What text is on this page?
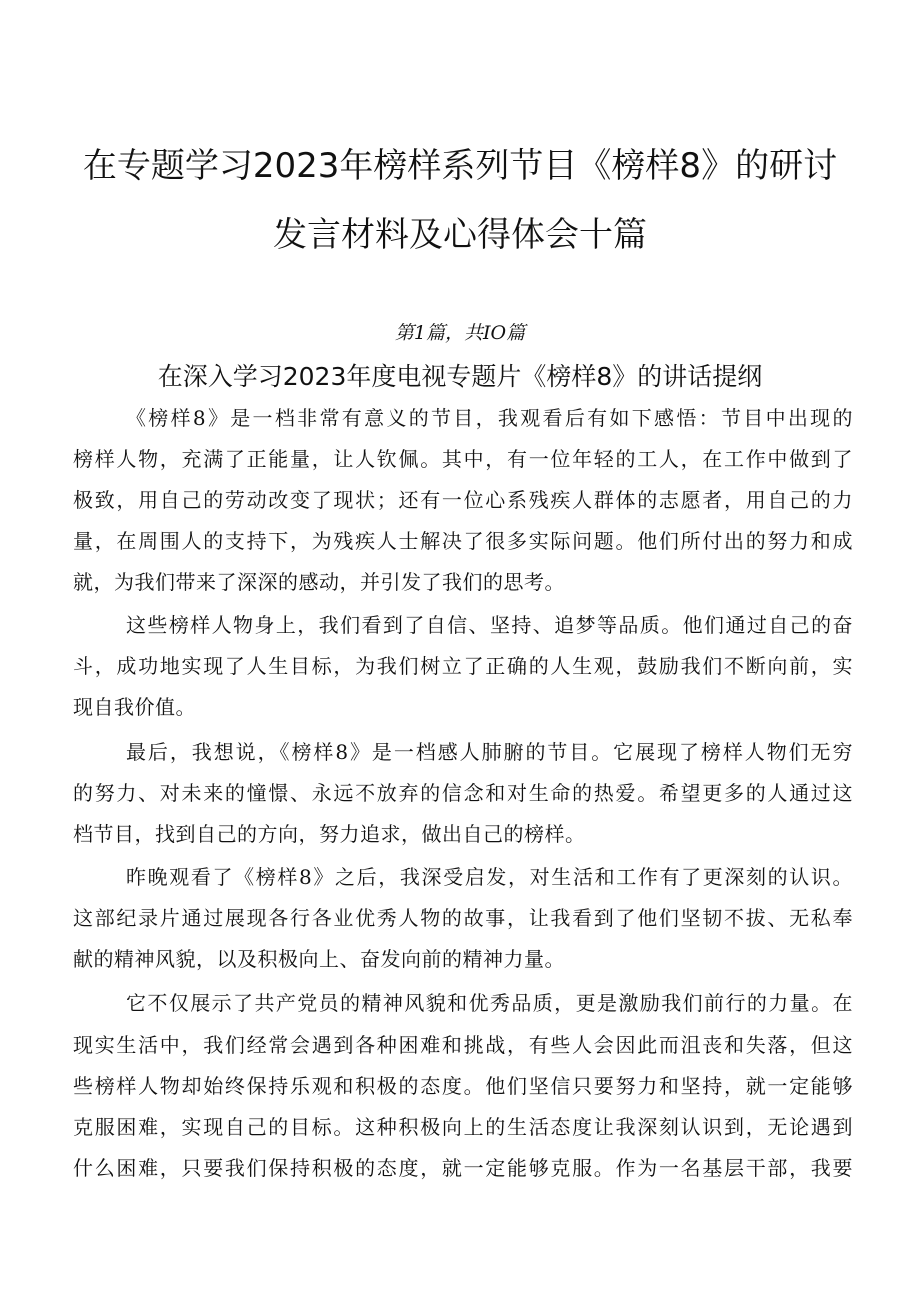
在专题学习2023年榜样系列节目《榜样8》的研讨
发言材料及心得体会十篇
第1篇，共IO篇
在深入学习2023年度电视专题片《榜样8》的讲话提纲
《榜样8》是一档非常有意义的节目，我观看后有如下感悟：节目中出现的
榜样人物，充满了正能量，让人钦佩。其中，有一位年轻的工人，在工作中做到了
极致，用自己的劳动改变了现状；还有一位心系残疾人群体的志愿者，用自己的力
量，在周围人的支持下，为残疾人士解决了很多实际问题。他们所付出的努力和成
就，为我们带来了深深的感动，并引发了我们的思考。
这些榜样人物身上，我们看到了自信、坚持、追梦等品质。他们通过自己的奋
斗，成功地实现了人生目标，为我们树立了正确的人生观，鼓励我们不断向前，实
现自我价值。
最后，我想说，《榜样8》是一档感人肺腑的节目。它展现了榜样人物们无穷
的努力、对未来的憧憬、永远不放弃的信念和对生命的热爱。希望更多的人通过这
档节目，找到自己的方向，努力追求，做出自己的榜样。
昨晚观看了《榜样8》之后，我深受启发，对生活和工作有了更深刻的认识。
这部纪录片通过展现各行各业优秀人物的故事，让我看到了他们坚韧不拔、无私奉
献的精神风貌，以及积极向上、奋发向前的精神力量。
它不仅展示了共产党员的精神风貌和优秀品质，更是激励我们前行的力量。在
现实生活中，我们经常会遇到各种困难和挑战，有些人会因此而沮丧和失落，但这
些榜样人物却始终保持乐观和积极的态度。他们坚信只要努力和坚持，就一定能够
克服困难，实现自己的目标。这种积极向上的生活态度让我深刻认识到，无论遇到
什么困难，只要我们保持积极的态度，就一定能够克服。作为一名基层干部，我要
